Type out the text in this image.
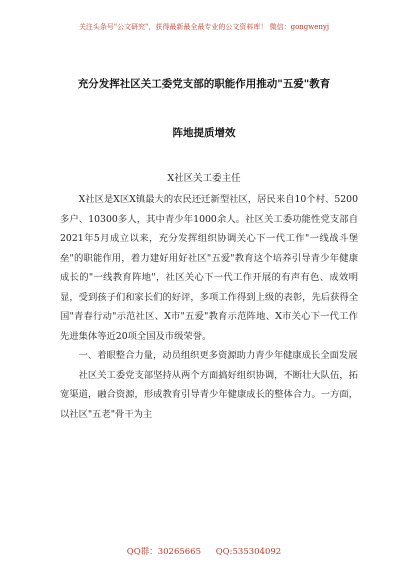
关注头条号"公文研究"，获得最新最全最专业的公文资料库！ 微信：gongwenyj
充分发挥社区关工委党支部的职能作用推动"五爱"教育
阵地提质增效
X社区关工委主任

X社区是X区X镇最大的农民还迁新型社区，居民来自10个村、5200多户、10300多人，其中青少年1000余人。社区关工委功能性党支部自2021年5月成立以来，充分发挥组织协调关心下一代工作"一线战斗堡垒"的职能作用，着力建好用好社区"五爱"教育这个培养引导青少年健康成长的"一线教育阵地"，社区关心下一代工作开展的有声有色、成效明显，受到孩子们和家长们的好评，多项工作得到上级的表彰，先后获得全国"青春行动"示范社区、X市"五爱"教育示范阵地、X市关心下一代工作先进集体等近20项全国及市级荣誉。

一、着眼整合力量，动员组织更多资源助力青少年健康成长全面发展

社区关工委党支部坚持从两个方面搞好组织协调，不断壮大队伍，拓宽渠道，融合资源，形成教育引导青少年健康成长的整体合力。一方面，以社区"五老"骨干为主

QQ群：30265665 QQ:535304092
